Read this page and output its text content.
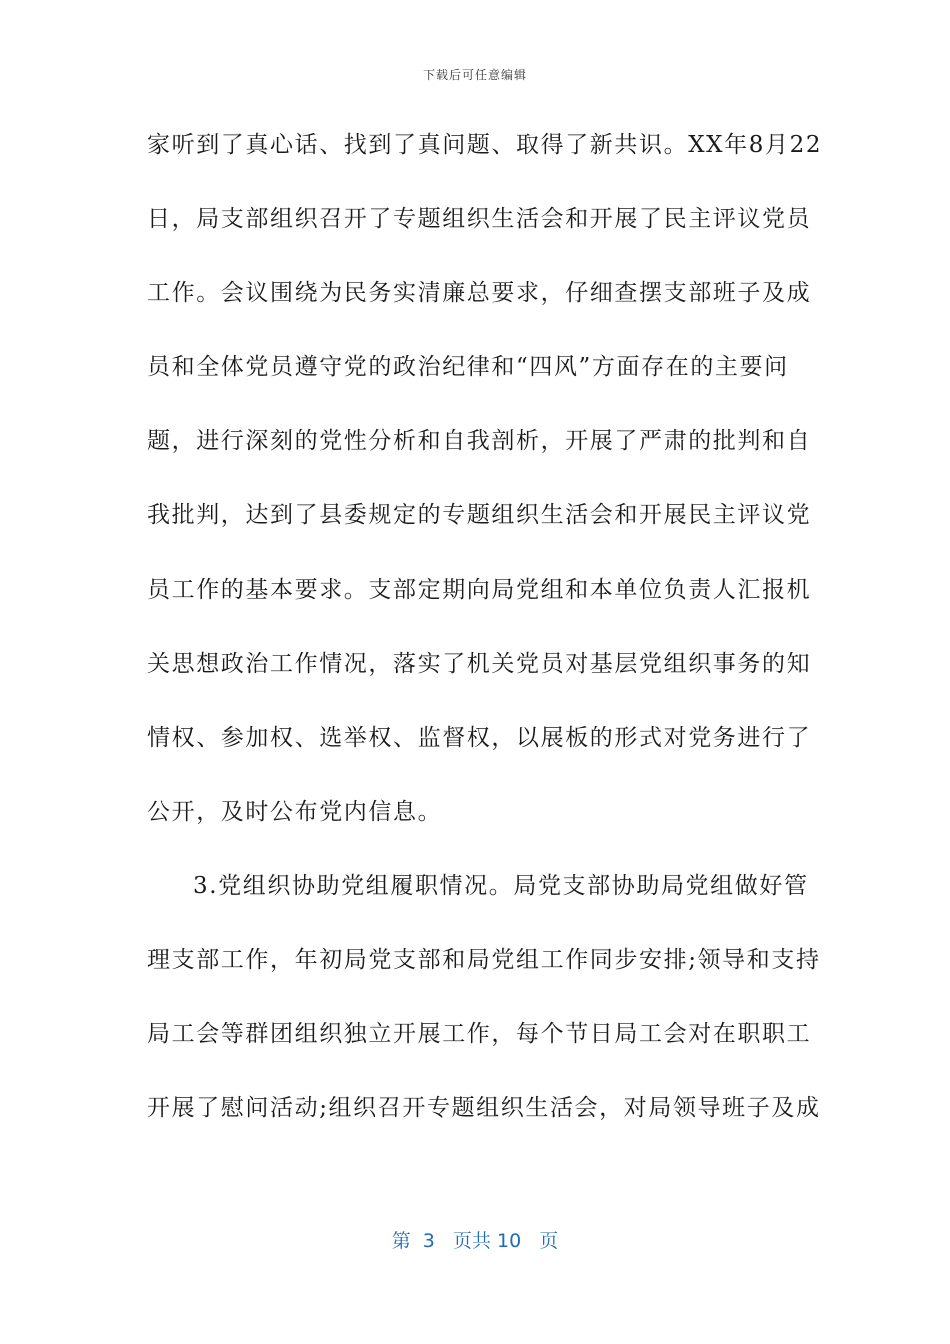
下载后可任意编辑
家听到了真心话、找到了真问题、取得了新共识。XX年8月22
日，局支部组织召开了专题组织生活会和开展了民主评议党员
工作。会议围绕为民务实清廉总要求，仔细查摆支部班子及成
员和全体党员遵守党的政治纪律和“四风”方面存在的主要问
题，进行深刻的党性分析和自我剖析，开展了严肃的批判和自
我批判，达到了县委规定的专题组织生活会和开展民主评议党
员工作的基本要求。支部定期向局党组和本单位负责人汇报机
关思想政治工作情况，落实了机关党员对基层党组织事务的知
情权、参加权、选举权、监督权，以展板的形式对党务进行了
公开，及时公布党内信息。
3.党组织协助党组履职情况。局党支部协助局党组做好管
理支部工作，年初局党支部和局党组工作同步安排;领导和支持
局工会等群团组织独立开展工作，每个节日局工会对在职职工
开展了慰问活动;组织召开专题组织生活会，对局领导班子及成
第  3   页共 10   页
